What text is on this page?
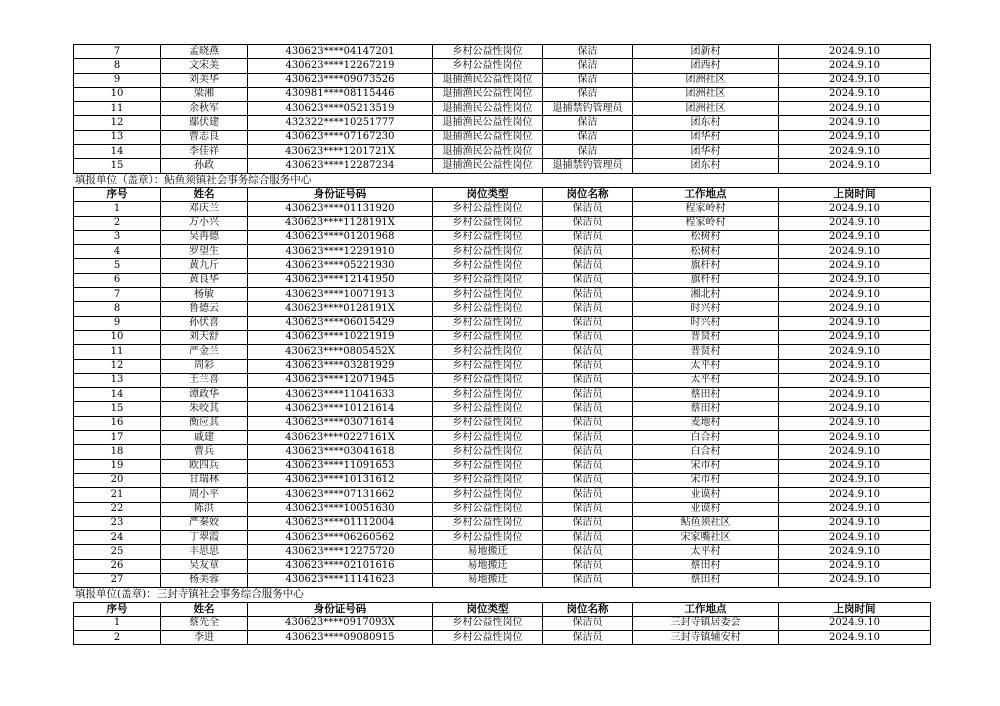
7	孟晓燕	430623****04147201	乡村公益性岗位	保洁	团新村	2024.9.10
8	文宋美	430623****12267219	乡村公益性岗位	保洁	团西村	2024.9.10
9	刘美华	430623****09073526	退捕渔民公益性岗位	保洁	团洲社区	2024.9.10
10	梁湘	430981****08115446	退捕渔民公益性岗位	保洁	团洲社区	2024.9.10
11	余秋军	430623****05213519	退捕渔民公益性岗位	退捕禁钓管理员	团洲社区	2024.9.10
12	鄢伏建	432322****10251777	退捕渔民公益性岗位	保洁	团东村	2024.9.10
13	曹志良	430623****07167230	退捕渔民公益性岗位	保洁	团华村	2024.9.10
14	李佳祥	430623****1201721X	退捕渔民公益性岗位	保洁	团华村	2024.9.10
15	孙政	430623****12287234	退捕渔民公益性岗位	退捕禁钓管理员	团东村	2024.9.10
填报单位（盖章）：鲇鱼须镇社会事务综合服务中心
序号	姓名	身份证号码	岗位类型	岗位名称	工作地点	上岗时间
1	邓庆兰	430623****01131920	乡村公益性岗位	保洁员	程家岭村	2024.9.10
2	万小兴	430623****1128191X	乡村公益性岗位	保洁员	程家岭村	2024.9.10
3	吴再德	430623****01201968	乡村公益性岗位	保洁员	松树村	2024.9.10
4	罗望生	430623****12291910	乡村公益性岗位	保洁员	松树村	2024.9.10
5	黄九斤	430623****05221930	乡村公益性岗位	保洁员	旗杆村	2024.9.10
6	黄良华	430623****12141950	乡村公益性岗位	保洁员	旗杆村	2024.9.10
7	杨敏	430623****10071913	乡村公益性岗位	保洁员	湘北村	2024.9.10
8	鲁德云	430623****0128191X	乡村公益性岗位	保洁员	时兴村	2024.9.10
9	孙伏喜	430623****06015429	乡村公益性岗位	保洁员	时兴村	2024.9.10
10	刘天舒	430623****10221919	乡村公益性岗位	保洁员	普贤村	2024.9.10
11	严金兰	430623****0805452X	乡村公益性岗位	保洁员	普贤村	2024.9.10
12	周彩	430623****03281929	乡村公益性岗位	保洁员	太平村	2024.9.10
13	王兰喜	430623****12071945	乡村公益性岗位	保洁员	太平村	2024.9.10
14	谭政华	430623****11041633	乡村公益性岗位	保洁员	蔡田村	2024.9.10
15	朱咬其	430623****10121614	乡村公益性岗位	保洁员	蔡田村	2024.9.10
16	衡应其	430623****03071614	乡村公益性岗位	保洁员	麦地村	2024.9.10
17	戚建	430623****0227161X	乡村公益性岗位	保洁员	白合村	2024.9.10
18	曹兵	430623****03041618	乡村公益性岗位	保洁员	白合村	2024.9.10
19	欧四兵	430623****11091653	乡村公益性岗位	保洁员	宋市村	2024.9.10
20	甘瑞林	430623****10131612	乡村公益性岗位	保洁员	宋市村	2024.9.10
21	周小平	430623****07131662	乡村公益性岗位	保洁员	业谟村	2024.9.10
22	陈洪	430623****10051630	乡村公益性岗位	保洁员	业谟村	2024.9.10
23	严秦姣	430623****01112004	乡村公益性岗位	保洁员	鲇鱼须社区	2024.9.10
24	丁翠霞	430623****06260562	乡村公益性岗位	保洁员	宋家嘴社区	2024.9.10
25	丰思思	430623****12275720	易地搬迁	保洁员	太平村	2024.9.10
26	吴友章	430623****02101616	易地搬迁	保洁员	蔡田村	2024.9.10
27	杨美蓉	430623****11141623	易地搬迁	保洁员	蔡田村	2024.9.10
填报单位(盖章)：三封寺镇社会事务综合服务中心
序号	姓名	身份证号码	岗位类型	岗位名称	工作地点	上岗时间
1	蔡先全	430623****0917093X	乡村公益性岗位	保洁员	三封寺镇居委会	2024.9.10
2	李进	430623****09080915	乡村公益性岗位	保洁员	三封寺镇辅安村	2024.9.10
